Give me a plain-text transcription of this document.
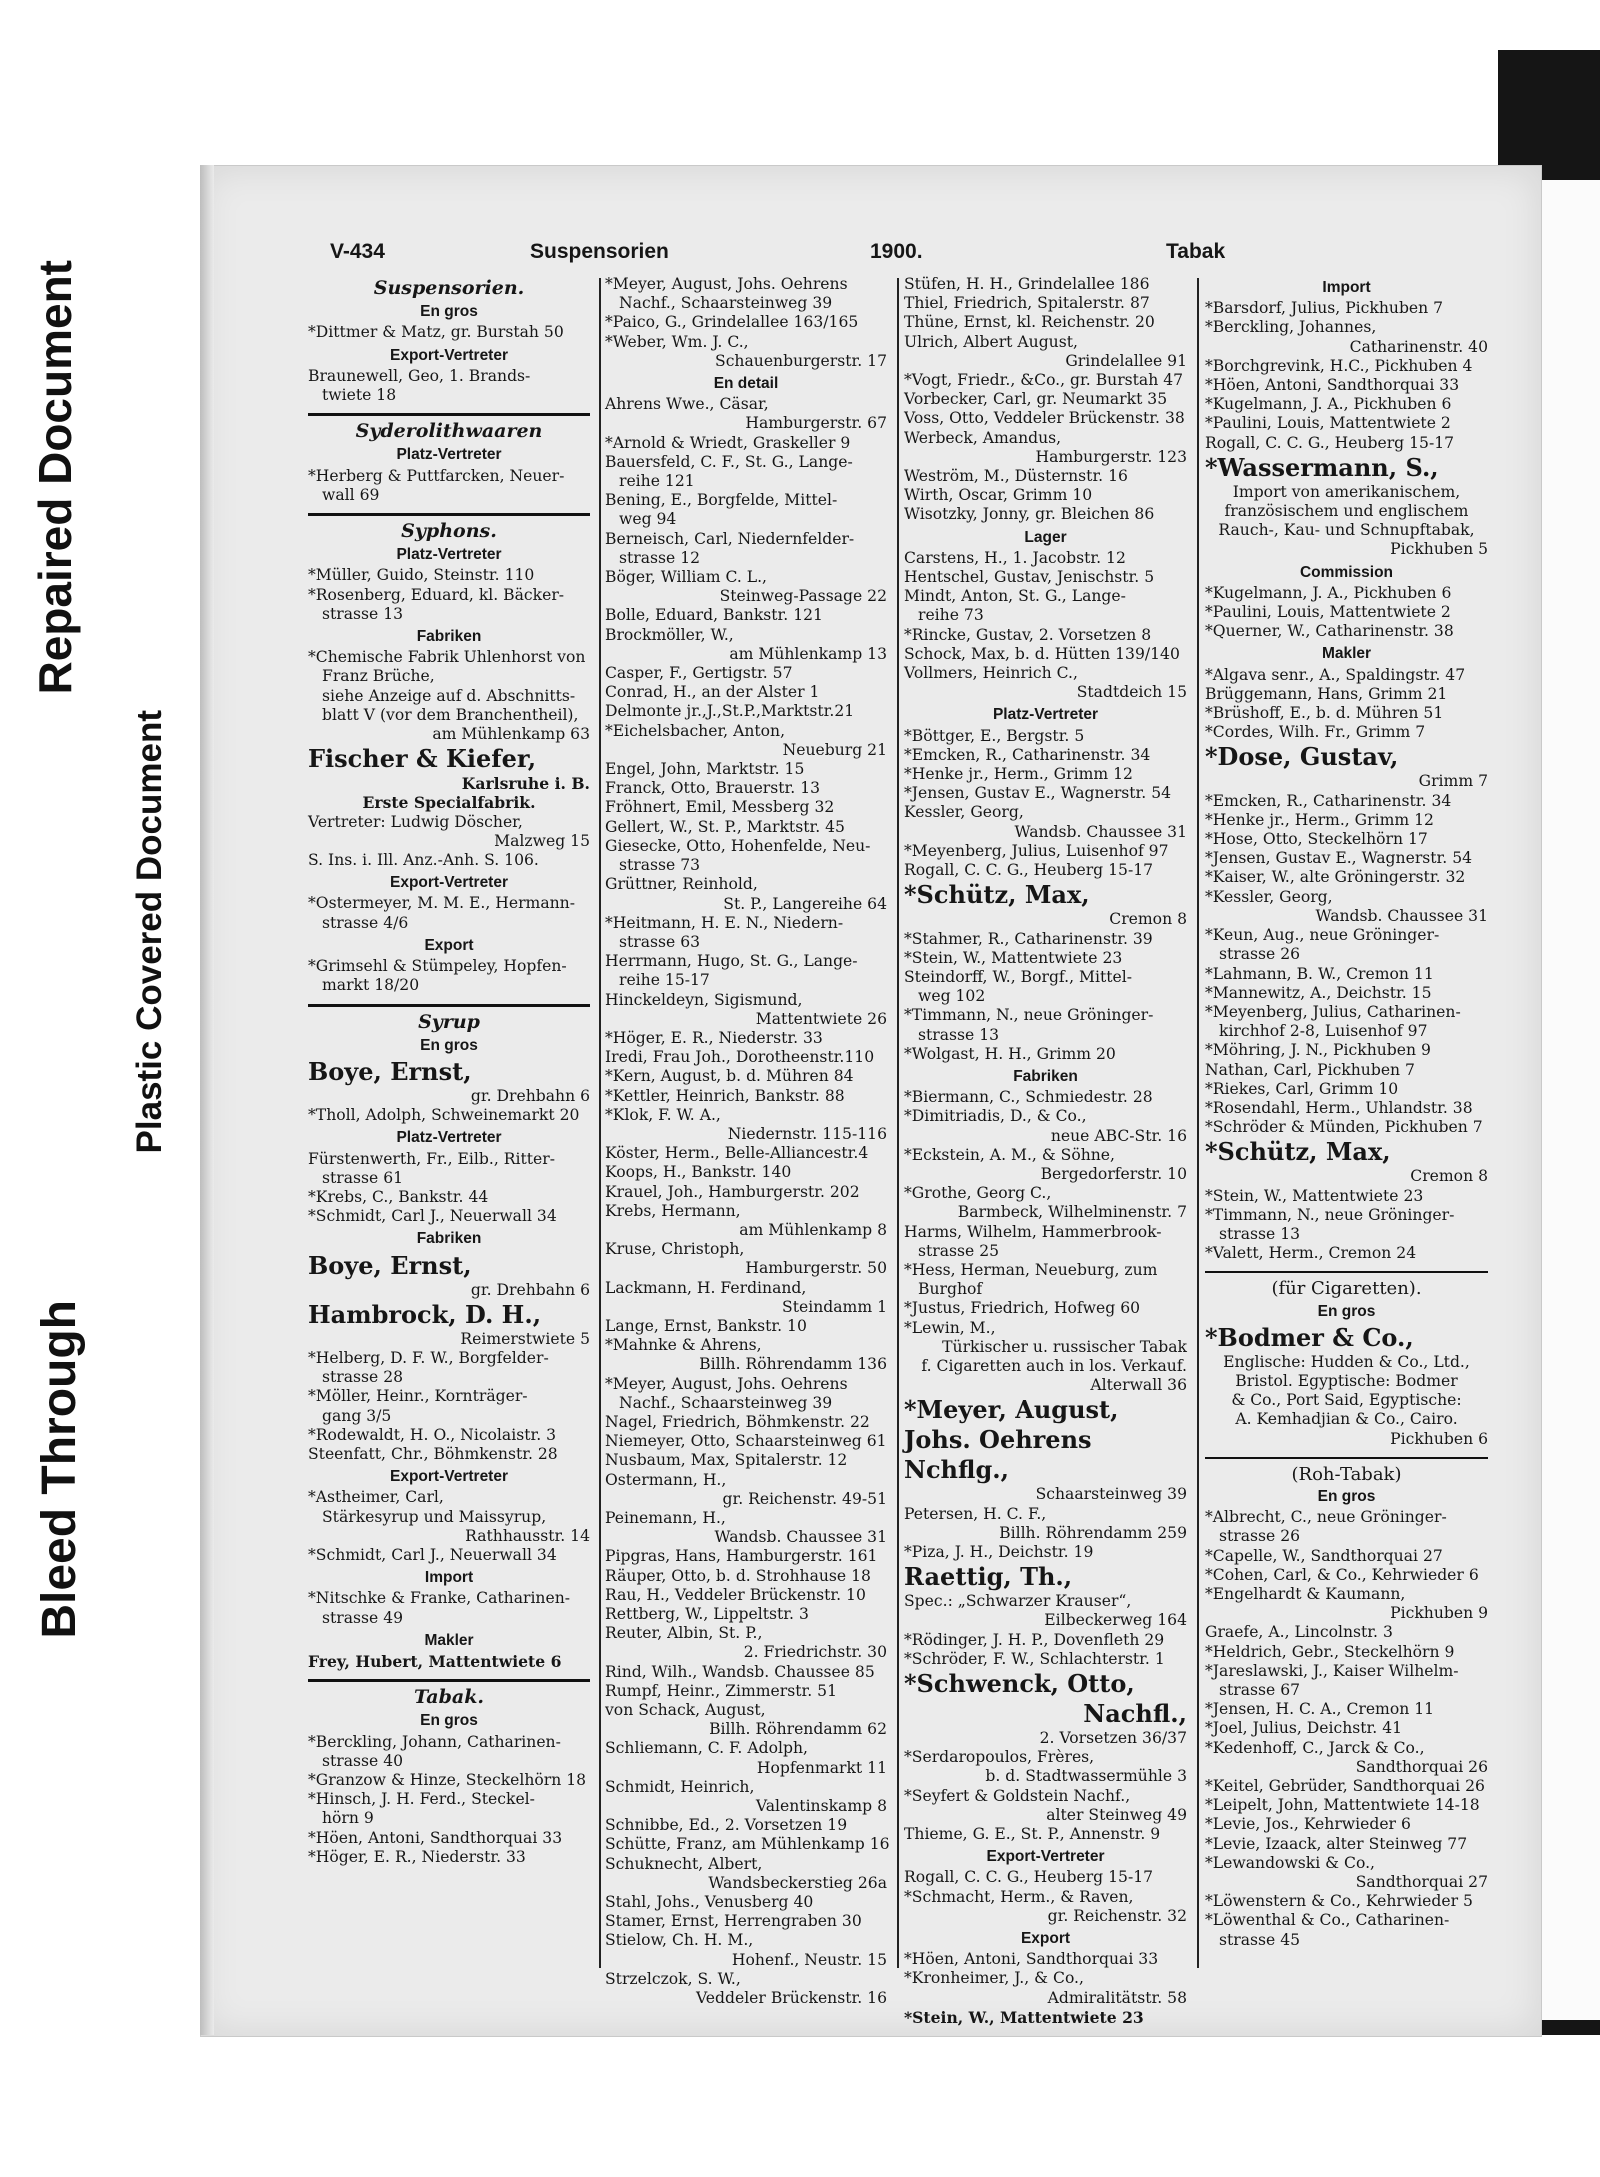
Repaired Document
Plastic Covered Document
Bleed Through
V-434	Suspensorien	1900.	Tabak
Suspensorien.
En gros
*Dittmer & Matz, gr. Burstah 50
Export-Vertreter
Braunewell, Geo, 1. Brands-
twiete 18
Syderolithwaaren
Platz-Vertreter
*Herberg & Puttfarcken, Neuer-
wall 69
Syphons.
Platz-Vertreter
*Müller, Guido, Steinstr. 110
*Rosenberg, Eduard, kl. Bäcker-
strasse 13
Fabriken
*Chemische Fabrik Uhlenhorst von
Franz Brüche,
siehe Anzeige auf d. Abschnitts-
blatt V (vor dem Branchentheil),
am Mühlenkamp 63
Fischer & Kiefer,
Karlsruhe i. B.
Erste Specialfabrik.
Vertreter: Ludwig Döscher,
Malzweg 15
S. Ins. i. Ill. Anz.-Anh. S. 106.
Export-Vertreter
*Ostermeyer, M. M. E., Hermann-
strasse 4/6
Export
*Grimsehl & Stümpeley, Hopfen-
markt 18/20
Syrup
En gros
Boye, Ernst,
gr. Drehbahn 6
*Tholl, Adolph, Schweinemarkt 20
Platz-Vertreter
Fürstenwerth, Fr., Eilb., Ritter-
strasse 61
*Krebs, C., Bankstr. 44
*Schmidt, Carl J., Neuerwall 34
Fabriken
Boye, Ernst,
gr. Drehbahn 6
Hambrock, D. H.,
Reimerstwiete 5
*Helberg, D. F. W., Borgfelder-
strasse 28
*Möller, Heinr., Kornträger-
gang 3/5
*Rodewaldt, H. O., Nicolaistr. 3
Steenfatt, Chr., Böhmkenstr. 28
Export-Vertreter
*Astheimer, Carl,
Stärkesyrup und Maissyrup,
Rathhausstr. 14
*Schmidt, Carl J., Neuerwall 34
Import
*Nitschke & Franke, Catharinen-
strasse 49
Makler
Frey, Hubert, Mattentwiete 6
Tabak.
En gros
*Berckling, Johann, Catharinen-
strasse 40
*Granzow & Hinze, Steckelhörn 18
*Hinsch, J. H. Ferd., Steckel-
hörn 9
*Höen, Antoni, Sandthorquai 33
*Höger, E. R., Niederstr. 33
*Meyer, August, Johs. Oehrens
Nachf., Schaarsteinweg 39
*Paico, G., Grindelallee 163/165
*Weber, Wm. J. C.,
Schauenburgerstr. 17
En detail
Ahrens Wwe., Cäsar,
Hamburgerstr. 67
*Arnold & Wriedt, Graskeller 9
Bauersfeld, C. F., St. G., Lange-
reihe 121
Bening, E., Borgfelde, Mittel-
weg 94
Berneisch, Carl, Niedernfelder-
strasse 12
Böger, William C. L.,
Steinweg-Passage 22
Bolle, Eduard, Bankstr. 121
Brockmöller, W.,
am Mühlenkamp 13
Casper, F., Gertigstr. 57
Conrad, H., an der Alster 1
Delmonte jr.,J.,St.P.,Marktstr.21
*Eichelsbacher, Anton,
Neueburg 21
Engel, John, Marktstr. 15
Franck, Otto, Brauerstr. 13
Fröhnert, Emil, Messberg 32
Gellert, W., St. P., Marktstr. 45
Giesecke, Otto, Hohenfelde, Neu-
strasse 73
Grüttner, Reinhold,
St. P., Langereihe 64
*Heitmann, H. E. N., Niedern-
strasse 63
Herrmann, Hugo, St. G., Lange-
reihe 15-17
Hinckeldeyn, Sigismund,
Mattentwiete 26
*Höger, E. R., Niederstr. 33
Iredi, Frau Joh., Dorotheenstr.110
*Kern, August, b. d. Mühren 84
*Kettler, Heinrich, Bankstr. 88
*Klok, F. W. A.,
Niedernstr. 115-116
Köster, Herm., Belle-Alliancestr.4
Koops, H., Bankstr. 140
Krauel, Joh., Hamburgerstr. 202
Krebs, Hermann,
am Mühlenkamp 8
Kruse, Christoph,
Hamburgerstr. 50
Lackmann, H. Ferdinand,
Steindamm 1
Lange, Ernst, Bankstr. 10
*Mahnke & Ahrens,
Billh. Röhrendamm 136
*Meyer, August, Johs. Oehrens
Nachf., Schaarsteinweg 39
Nagel, Friedrich, Böhmkenstr. 22
Niemeyer, Otto, Schaarsteinweg 61
Nusbaum, Max, Spitalerstr. 12
Ostermann, H.,
gr. Reichenstr. 49-51
Peinemann, H.,
Wandsb. Chaussee 31
Pipgras, Hans, Hamburgerstr. 161
Räuper, Otto, b. d. Strohhause 18
Rau, H., Veddeler Brückenstr. 10
Rettberg, W., Lippeltstr. 3
Reuter, Albin, St. P.,
2. Friedrichstr. 30
Rind, Wilh., Wandsb. Chaussee 85
Rumpf, Heinr., Zimmerstr. 51
von Schack, August,
Billh. Röhrendamm 62
Schliemann, C. F. Adolph,
Hopfenmarkt 11
Schmidt, Heinrich,
Valentinskamp 8
Schnibbe, Ed., 2. Vorsetzen 19
Schütte, Franz, am Mühlenkamp 16
Schuknecht, Albert,
Wandsbeckerstieg 26a
Stahl, Johs., Venusberg 40
Stamer, Ernst, Herrengraben 30
Stielow, Ch. H. M.,
Hohenf., Neustr. 15
Strzelczok, S. W.,
Veddeler Brückenstr. 16
Stüfen, H. H., Grindelallee 186
Thiel, Friedrich, Spitalerstr. 87
Thüne, Ernst, kl. Reichenstr. 20
Ulrich, Albert August,
Grindelallee 91
*Vogt, Friedr., &Co., gr. Burstah 47
Vorbecker, Carl, gr. Neumarkt 35
Voss, Otto, Veddeler Brückenstr. 38
Werbeck, Amandus,
Hamburgerstr. 123
Weström, M., Düsternstr. 16
Wirth, Oscar, Grimm 10
Wisotzky, Jonny, gr. Bleichen 86
Lager
Carstens, H., 1. Jacobstr. 12
Hentschel, Gustav, Jenischstr. 5
Mindt, Anton, St. G., Lange-
reihe 73
*Rincke, Gustav, 2. Vorsetzen 8
Schock, Max, b. d. Hütten 139/140
Vollmers, Heinrich C.,
Stadtdeich 15
Platz-Vertreter
*Böttger, E., Bergstr. 5
*Emcken, R., Catharinenstr. 34
*Henke jr., Herm., Grimm 12
*Jensen, Gustav E., Wagnerstr. 54
Kessler, Georg,
Wandsb. Chaussee 31
*Meyenberg, Julius, Luisenhof 97
Rogall, C. C. G., Heuberg 15-17
*Schütz, Max,
Cremon 8
*Stahmer, R., Catharinenstr. 39
*Stein, W., Mattentwiete 23
Steindorff, W., Borgf., Mittel-
weg 102
*Timmann, N., neue Gröninger-
strasse 13
*Wolgast, H. H., Grimm 20
Fabriken
*Biermann, C., Schmiedestr. 28
*Dimitriadis, D., & Co.,
neue ABC-Str. 16
*Eckstein, A. M., & Söhne,
Bergedorferstr. 10
*Grothe, Georg C.,
Barmbeck, Wilhelminenstr. 7
Harms, Wilhelm, Hammerbrook-
strasse 25
*Hess, Herman, Neueburg, zum
Burghof
*Justus, Friedrich, Hofweg 60
*Lewin, M.,
Türkischer u. russischer Tabak
f. Cigaretten auch in los. Verkauf.
Alterwall 36
*Meyer, August,
Johs. Oehrens Nchflg.,
Schaarsteinweg 39
Petersen, H. C. F.,
Billh. Röhrendamm 259
*Piza, J. H., Deichstr. 19
Raettig, Th.,
Spec.: „Schwarzer Krauser“,
Eilbeckerweg 164
*Rödinger, J. H. P., Dovenfleth 29
*Schröder, F. W., Schlachterstr. 1
*Schwenck, Otto,
Nachfl.,
2. Vorsetzen 36/37
*Serdaropoulos, Frères,
b. d. Stadtwassermühle 3
*Seyfert & Goldstein Nachf.,
alter Steinweg 49
Thieme, G. E., St. P., Annenstr. 9
Export-Vertreter
Rogall, C. C. G., Heuberg 15-17
*Schmacht, Herm., & Raven,
gr. Reichenstr. 32
Export
*Höen, Antoni, Sandthorquai 33
*Kronheimer, J., & Co.,
Admiralitätstr. 58
*Stein, W., Mattentwiete 23
Import
*Barsdorf, Julius, Pickhuben 7
*Berckling, Johannes,
Catharinenstr. 40
*Borchgrevink, H.C., Pickhuben 4
*Höen, Antoni, Sandthorquai 33
*Kugelmann, J. A., Pickhuben 6
*Paulini, Louis, Mattentwiete 2
Rogall, C. C. G., Heuberg 15-17
*Wassermann, S.,
Import von amerikanischem,
französischem und englischem
Rauch-, Kau- und Schnupftabak,
Pickhuben 5
Commission
*Kugelmann, J. A., Pickhuben 6
*Paulini, Louis, Mattentwiete 2
*Querner, W., Catharinenstr. 38
Makler
*Algava senr., A., Spaldingstr. 47
Brüggemann, Hans, Grimm 21
*Brüshoff, E., b. d. Mühren 51
*Cordes, Wilh. Fr., Grimm 7
*Dose, Gustav,
Grimm 7
*Emcken, R., Catharinenstr. 34
*Henke jr., Herm., Grimm 12
*Hose, Otto, Steckelhörn 17
*Jensen, Gustav E., Wagnerstr. 54
*Kaiser, W., alte Gröningerstr. 32
*Kessler, Georg,
Wandsb. Chaussee 31
*Keun, Aug., neue Gröninger-
strasse 26
*Lahmann, B. W., Cremon 11
*Mannewitz, A., Deichstr. 15
*Meyenberg, Julius, Catharinen-
kirchhof 2-8, Luisenhof 97
*Möhring, J. N., Pickhuben 9
Nathan, Carl, Pickhuben 7
*Riekes, Carl, Grimm 10
*Rosendahl, Herm., Uhlandstr. 38
*Schröder & Münden, Pickhuben 7
*Schütz, Max,
Cremon 8
*Stein, W., Mattentwiete 23
*Timmann, N., neue Gröninger-
strasse 13
*Valett, Herm., Cremon 24
(für Cigaretten).
En gros
*Bodmer & Co.,
Englische: Hudden & Co., Ltd.,
Bristol. Egyptische: Bodmer
& Co., Port Said, Egyptische:
A. Kemhadjian & Co., Cairo.
Pickhuben 6
(Roh-Tabak)
En gros
*Albrecht, C., neue Gröninger-
strasse 26
*Capelle, W., Sandthorquai 27
*Cohen, Carl, & Co., Kehrwieder 6
*Engelhardt & Kaumann,
Pickhuben 9
Graefe, A., Lincolnstr. 3
*Heldrich, Gebr., Steckelhörn 9
*Jareslawski, J., Kaiser Wilhelm-
strasse 67
*Jensen, H. C. A., Cremon 11
*Joel, Julius, Deichstr. 41
*Kedenhoff, C., Jarck & Co.,
Sandthorquai 26
*Keitel, Gebrüder, Sandthorquai 26
*Leipelt, John, Mattentwiete 14-18
*Levie, Jos., Kehrwieder 6
*Levie, Izaack, alter Steinweg 77
*Lewandowski & Co.,
Sandthorquai 27
*Löwenstern & Co., Kehrwieder 5
*Löwenthal & Co., Catharinen-
strasse 45
